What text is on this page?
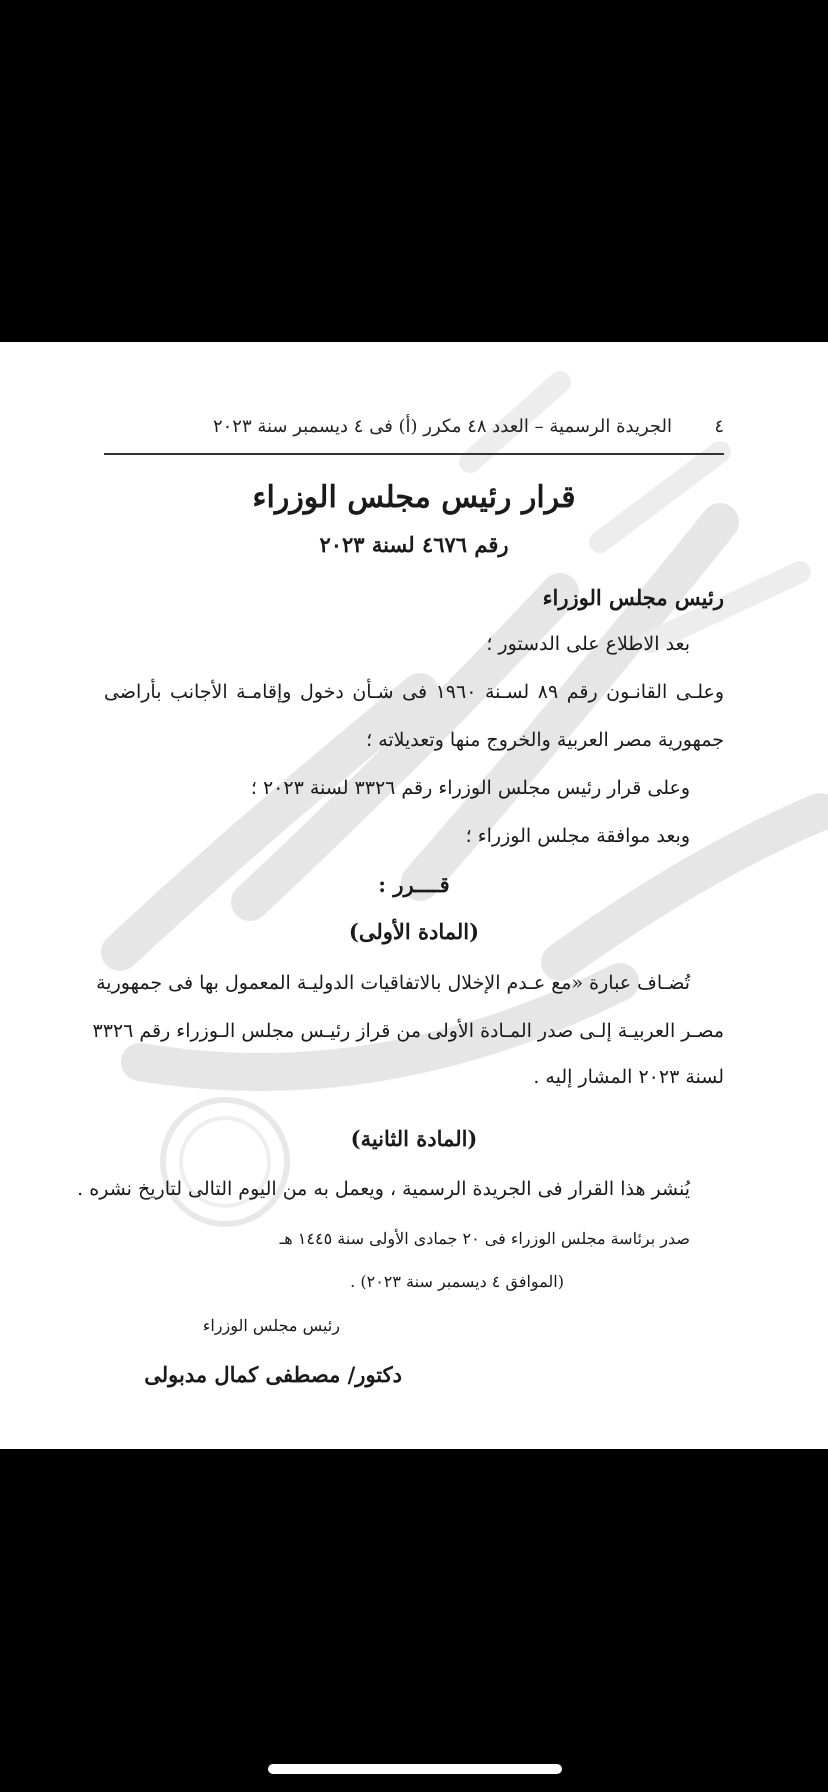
٤
الجريدة الرسمية – العدد ٤٨ مكرر (أ) فى ٤ ديسمبر سنة ٢٠٢٣
قرار رئيس مجلس الوزراء
رقم ٤٦٧٦ لسنة ٢٠٢٣
رئيس مجلس الوزراء
بعد الاطلاع على الدستور ؛
وعلـى القانـون رقم ٨٩ لسـنة ١٩٦٠ فى شـأن دخول وإقامـة الأجانب بأراضى
جمهورية مصر العربية والخروج منها وتعديلاته ؛
وعلى قرار رئيس مجلس الوزراء رقم ٣٣٢٦ لسنة ٢٠٢٣ ؛
وبعد موافقة مجلس الوزراء ؛
قــــرر :
(المادة الأولى)
تُضـاف عبارة «مع عـدم الإخلال بالاتفاقيات الدوليـة المعمول بها فى جمهورية
مصـر العربيـة إلـى صدر المـادة الأولى من قراز رئيـس مجلس الـوزراء رقم ٣٣٢٦
لسنة ٢٠٢٣ المشار إليه .
(المادة الثانية)
يُنشر هذا القرار فى الجريدة الرسمية ، ويعمل به من اليوم التالى لتاريخ نشره .
صدر برئاسة مجلس الوزراء فى ٢٠ جمادى الأولى سنة ١٤٤٥ هـ
(الموافق ٤ ديسمبر سنة ٢٠٢٣) .
رئيس مجلس الوزراء
دكتور/ مصطفى كمال مدبولى
